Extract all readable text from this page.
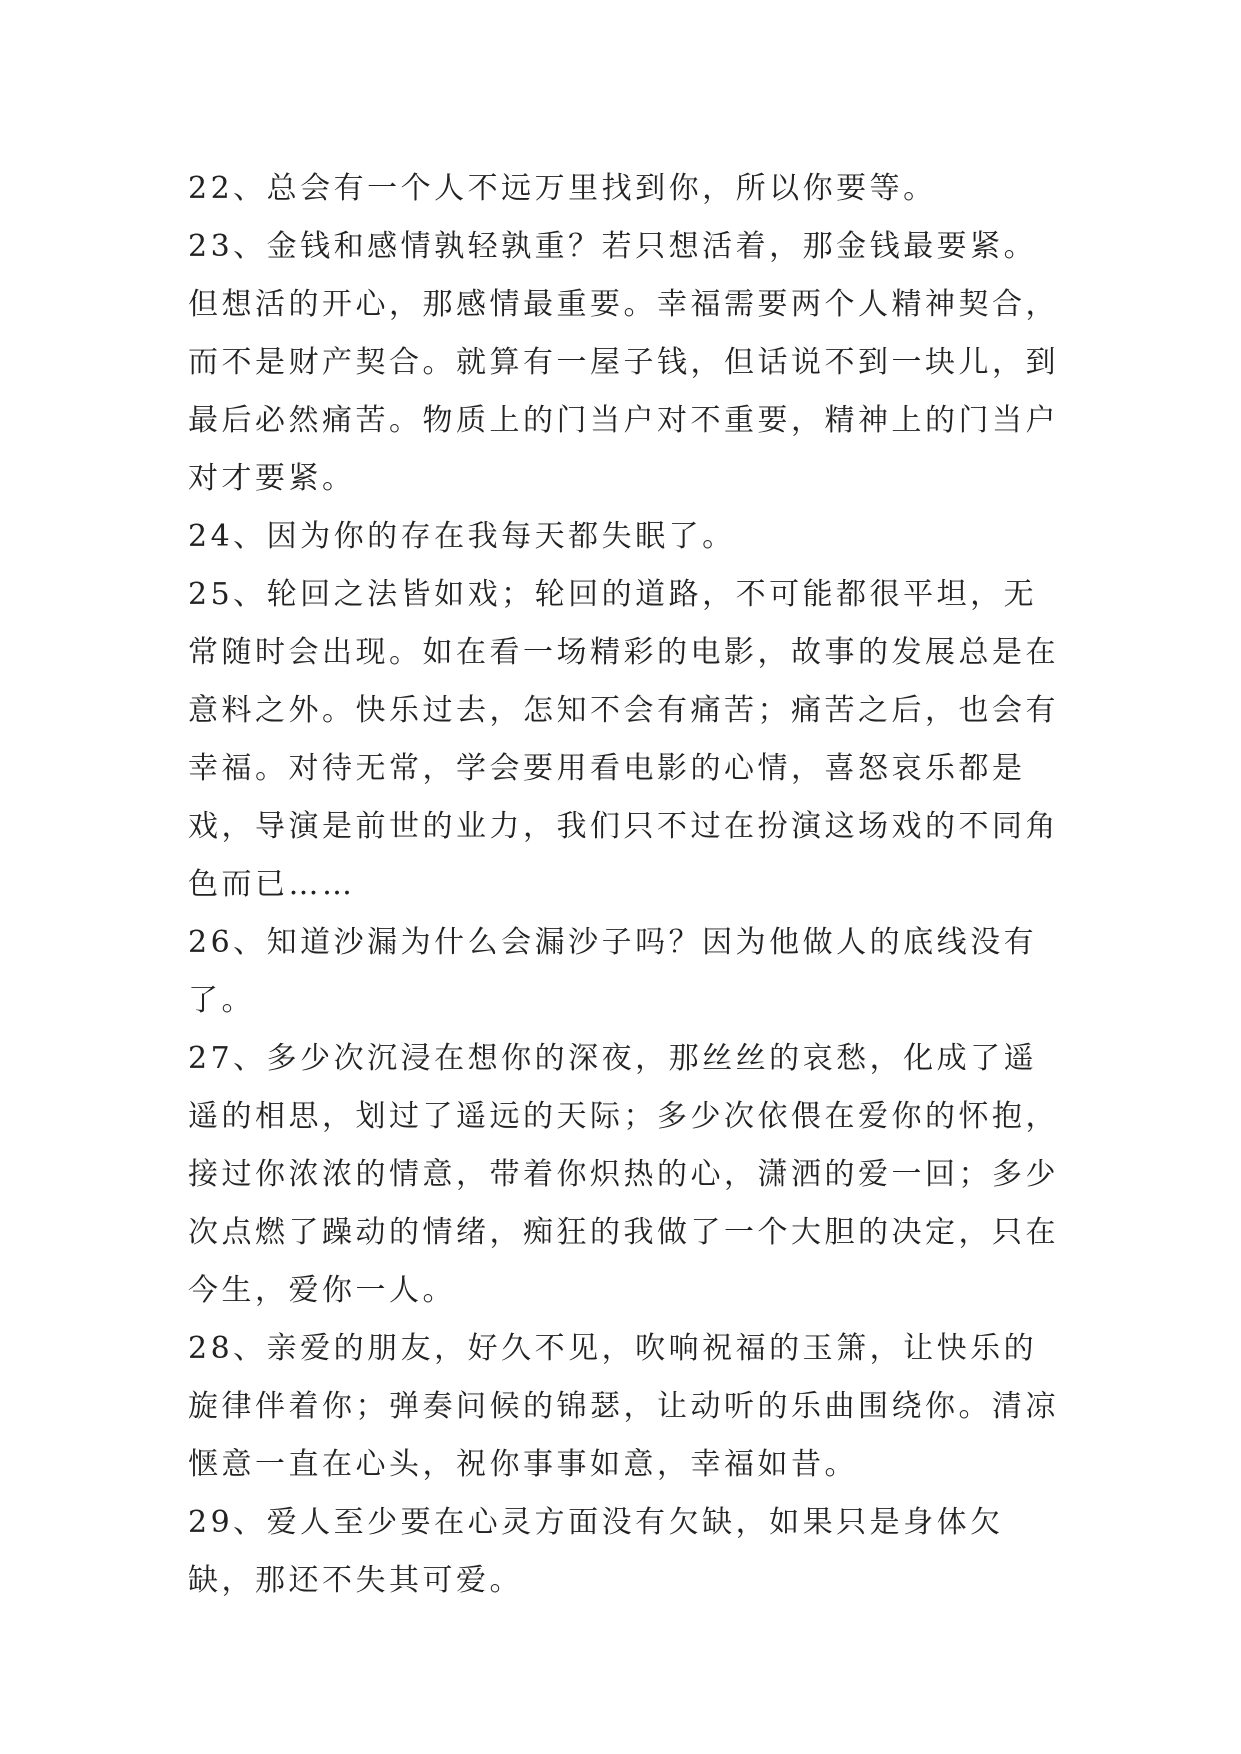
22、总会有一个人不远万里找到你，所以你要等。

23、金钱和感情孰轻孰重？若只想活着，那金钱最要紧。但想活的开心，那感情最重要。幸福需要两个人精神契合，而不是财产契合。就算有一屋子钱，但话说不到一块儿，到最后必然痛苦。物质上的门当户对不重要，精神上的门当户对才要紧。

24、因为你的存在我每天都失眠了。

25、轮回之法皆如戏；轮回的道路，不可能都很平坦，无常随时会出现。如在看一场精彩的电影，故事的发展总是在意料之外。快乐过去，怎知不会有痛苦；痛苦之后，也会有幸福。对待无常，学会要用看电影的心情，喜怒哀乐都是戏，导演是前世的业力，我们只不过在扮演这场戏的不同角色而已……

26、知道沙漏为什么会漏沙子吗？因为他做人的底线没有了。

27、多少次沉浸在想你的深夜，那丝丝的哀愁，化成了遥遥的相思，划过了遥远的天际；多少次依偎在爱你的怀抱，接过你浓浓的情意，带着你炽热的心，潇洒的爱一回；多少次点燃了躁动的情绪，痴狂的我做了一个大胆的决定，只在今生，爱你一人。

28、亲爱的朋友，好久不见，吹响祝福的玉箫，让快乐的旋律伴着你；弹奏问候的锦瑟，让动听的乐曲围绕你。清凉惬意一直在心头，祝你事事如意，幸福如昔。

29、爱人至少要在心灵方面没有欠缺，如果只是身体欠缺，那还不失其可爱。
